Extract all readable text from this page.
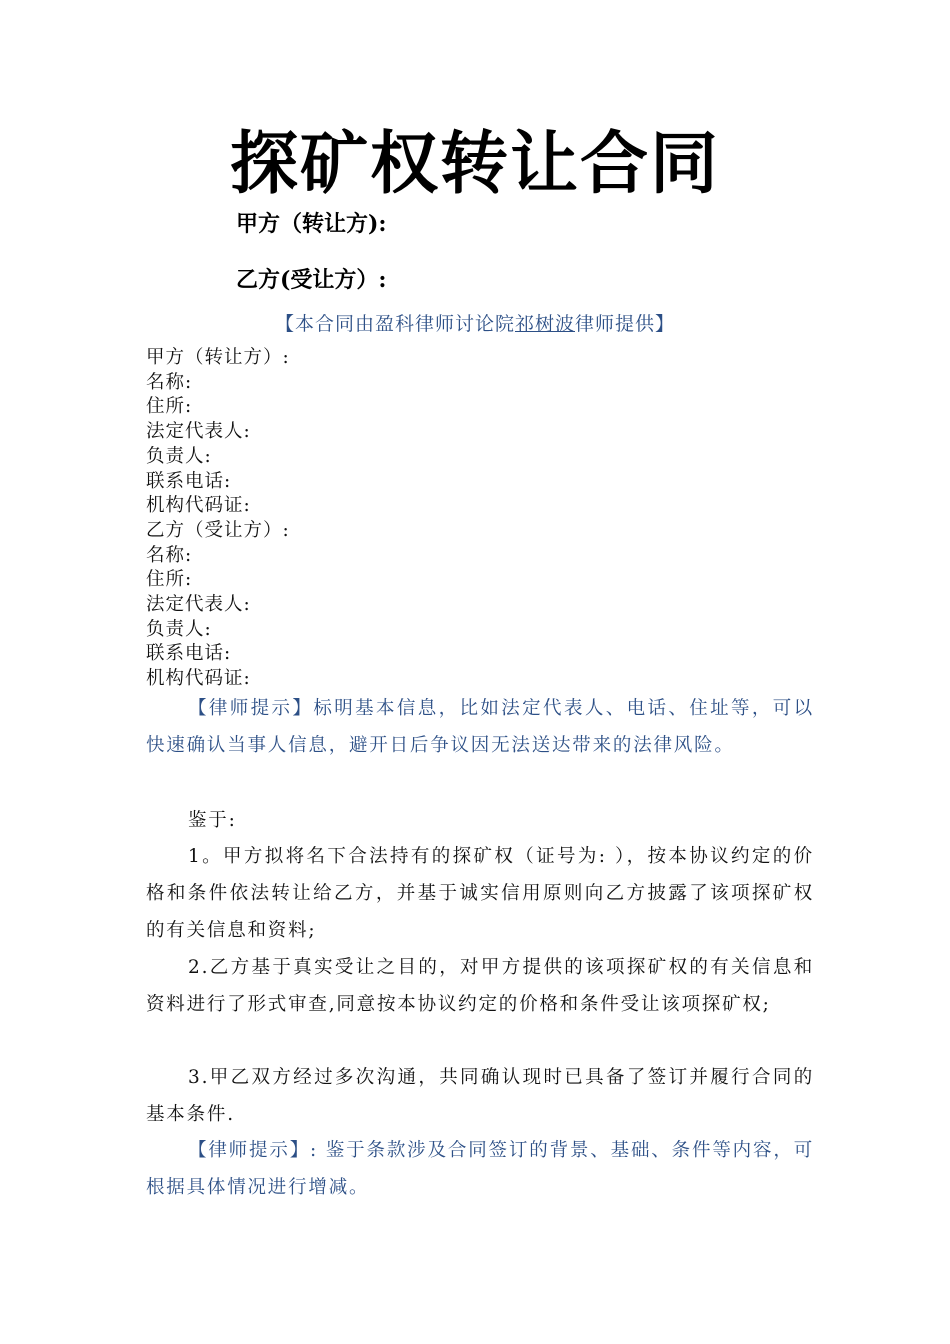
探矿权转让合同
甲方（转让方):
乙方(受让方）:
【本合同由盈科律师讨论院祁树波律师提供】
甲方（转让方）:
名称:
住所:
法定代表人:
负责人:
联系电话:
机构代码证:
乙方（受让方）:
名称:
住所:
法定代表人:
负责人:
联系电话:
机构代码证:
【律师提示】标明基本信息，比如法定代表人、电话、住址等，可以快速确认当事人信息，避开日后争议因无法送达带来的法律风险。
鉴于:
1。甲方拟将名下合法持有的探矿权（证号为: ），按本协议约定的价格和条件依法转让给乙方，并基于诚实信用原则向乙方披露了该项探矿权的有关信息和资料;
2.乙方基于真实受让之目的，对甲方提供的该项探矿权的有关信息和资料进行了形式审查,同意按本协议约定的价格和条件受让该项探矿权;
3.甲乙双方经过多次沟通，共同确认现时已具备了签订并履行合同的基本条件.
【律师提示】: 鉴于条款涉及合同签订的背景、基础、条件等内容，可根据具体情况进行增减。
